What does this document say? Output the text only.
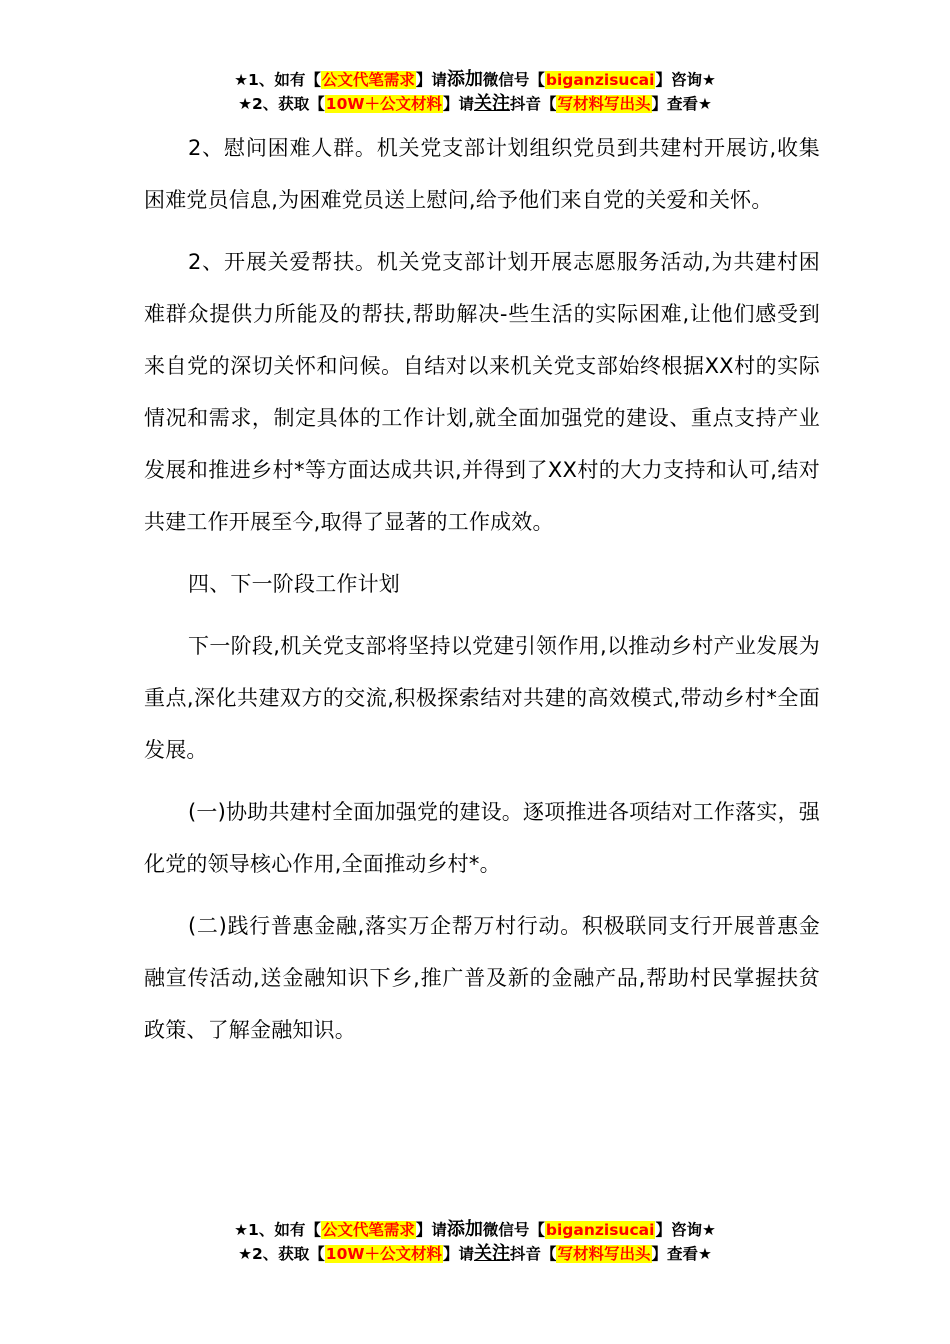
★1、如有【公文代笔需求】请添加微信号【biganzisucai】咨询★
★2、获取【10W＋公文材料】请关注抖音【写材料写出头】查看★

2、慰问困难人群。机关党支部计划组织党员到共建村开展访,收集困难党员信息,为困难党员送上慰问,给予他们来自党的关爱和关怀。

2、开展关爱帮扶。机关党支部计划开展志愿服务活动,为共建村困难群众提供力所能及的帮扶,帮助解决-些生活的实际困难,让他们感受到来自党的深切关怀和问候。自结对以来机关党支部始终根据XX村的实际情况和需求，制定具体的工作计划,就全面加强党的建设、重点支持产业发展和推进乡村*等方面达成共识,并得到了XX村的大力支持和认可,结对共建工作开展至今,取得了显著的工作成效。

四、下一阶段工作计划

下一阶段,机关党支部将坚持以党建引领作用,以推动乡村产业发展为重点,深化共建双方的交流,积极探索结对共建的高效模式,带动乡村*全面发展。

(一)协助共建村全面加强党的建设。逐项推进各项结对工作落实，强化党的领导核心作用,全面推动乡村*。

(二)践行普惠金融,落实万企帮万村行动。积极联同支行开展普惠金融宣传活动,送金融知识下乡,推广普及新的金融产品,帮助村民掌握扶贫政策、了解金融知识。

★1、如有【公文代笔需求】请添加微信号【biganzisucai】咨询★
★2、获取【10W＋公文材料】请关注抖音【写材料写出头】查看★
